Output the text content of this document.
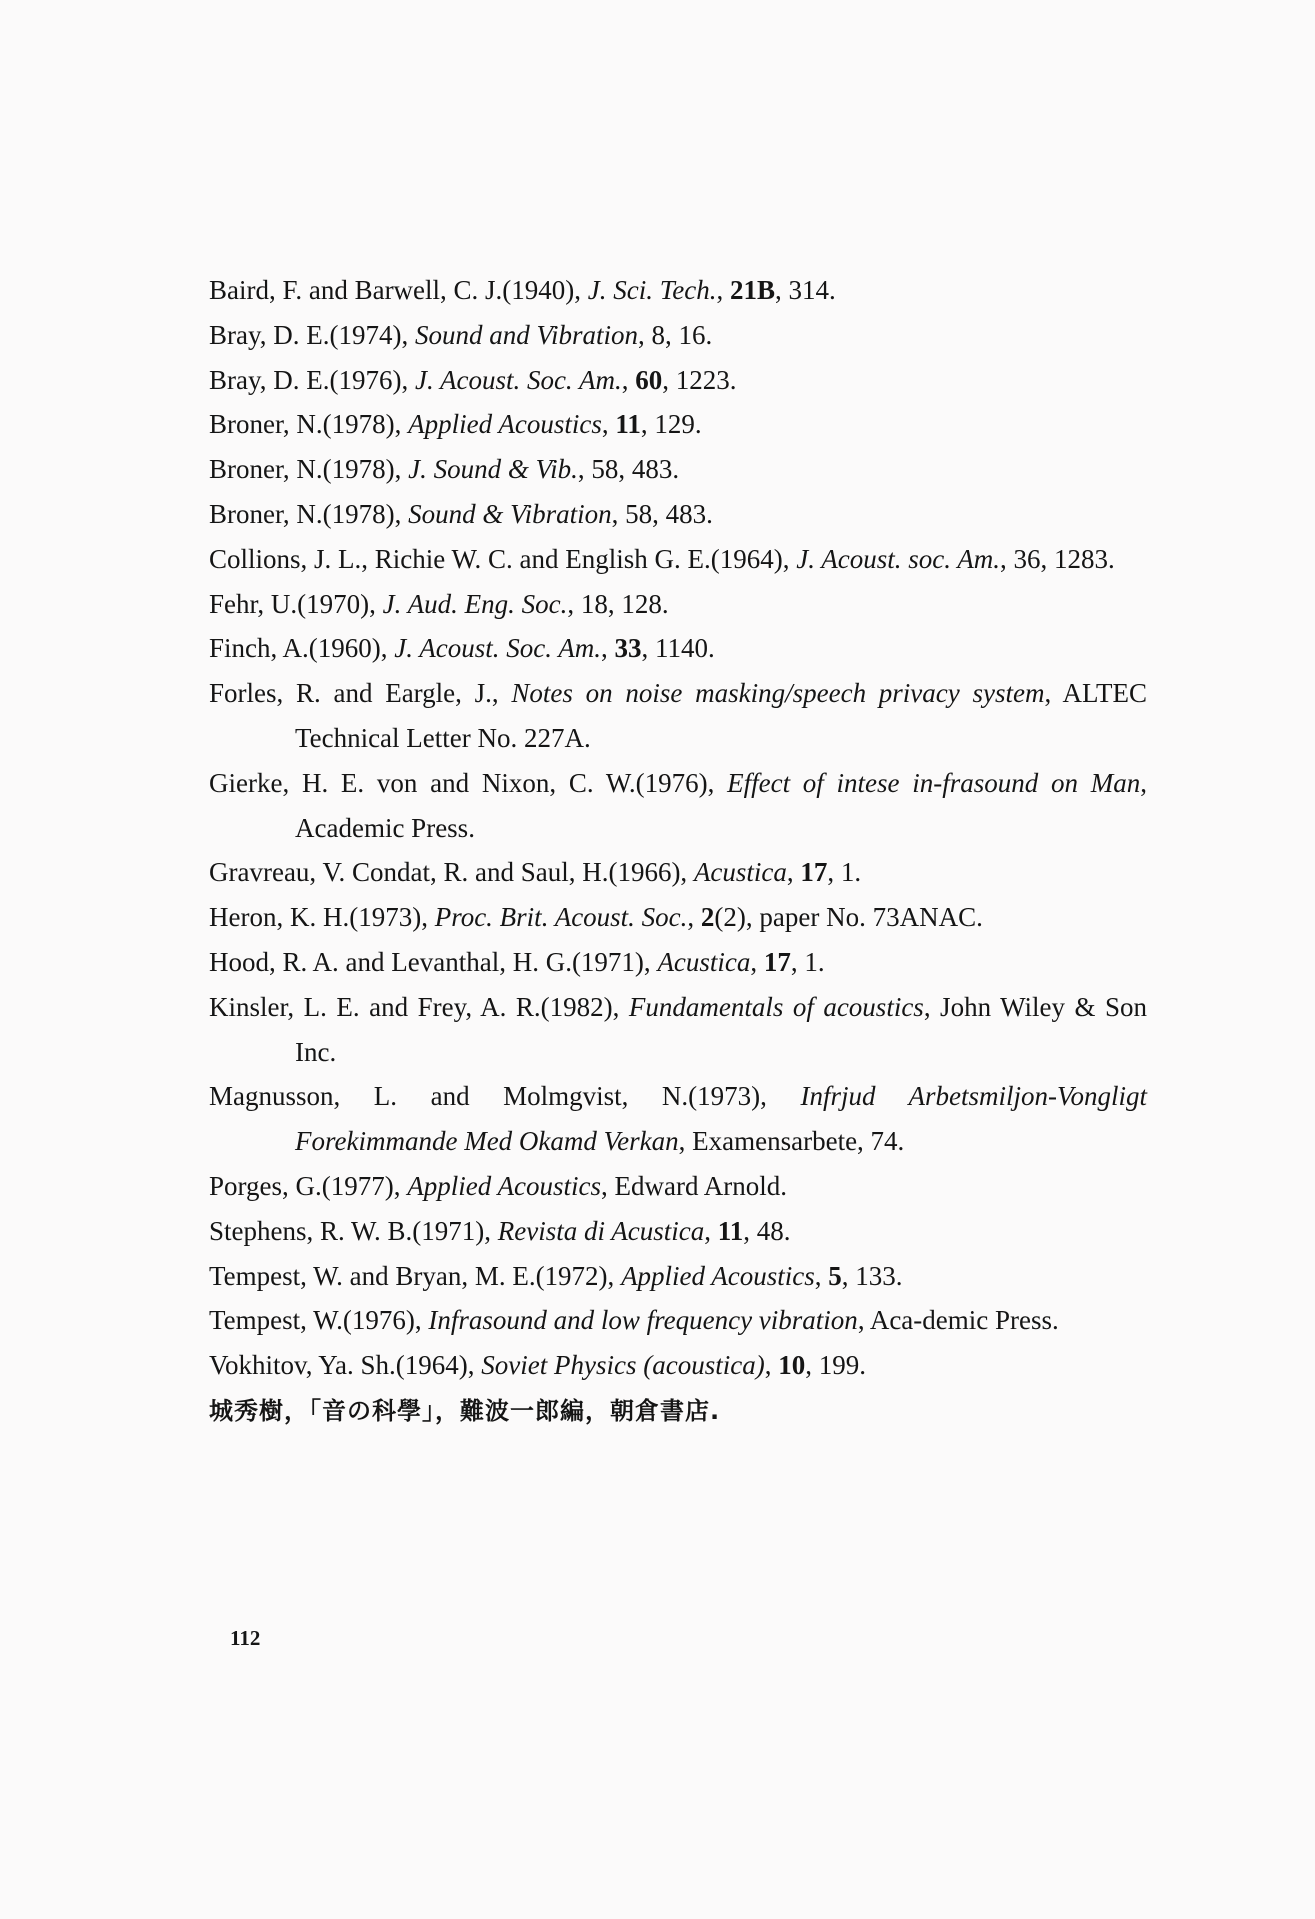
Baird, F. and Barwell, C. J.(1940), J. Sci. Tech., 21B, 314.
Bray, D. E.(1974), Sound and Vibration, 8, 16.
Bray, D. E.(1976), J. Acoust. Soc. Am., 60, 1223.
Broner, N.(1978), Applied Acoustics, 11, 129.
Broner, N.(1978), J. Sound & Vib., 58, 483.
Broner, N.(1978), Sound & Vibration, 58, 483.
Collions, J. L., Richie W. C. and English G. E.(1964), J. Acoust. soc. Am., 36, 1283.
Fehr, U.(1970), J. Aud. Eng. Soc., 18, 128.
Finch, A.(1960), J. Acoust. Soc. Am., 33, 1140.
Forles, R. and Eargle, J., Notes on noise masking/speech privacy system, ALTEC Technical Letter No. 227A.
Gierke, H. E. von and Nixon, C. W.(1976), Effect of intese in-frasound on Man, Academic Press.
Gravreau, V. Condat, R. and Saul, H.(1966), Acustica, 17, 1.
Heron, K. H.(1973), Proc. Brit. Acoust. Soc., 2(2), paper No. 73ANAC.
Hood, R. A. and Levanthal, H. G.(1971), Acustica, 17, 1.
Kinsler, L. E. and Frey, A. R.(1982), Fundamentals of acoustics, John Wiley & Son Inc.
Magnusson, L. and Molmgvist, N.(1973), Infrjud Arbetsmiljon-Vongligt Forekimmande Med Okamd Verkan, Examensarbete, 74.
Porges, G.(1977), Applied Acoustics, Edward Arnold.
Stephens, R. W. B.(1971), Revista di Acustica, 11, 48.
Tempest, W. and Bryan, M. E.(1972), Applied Acoustics, 5, 133.
Tempest, W.(1976), Infrasound and low frequency vibration, Aca-demic Press.
Vokhitov, Ya. Sh.(1964), Soviet Physics (acoustica), 10, 199.
城秀樹，「音の科學」，難波一郎編，朝倉書店.
112
